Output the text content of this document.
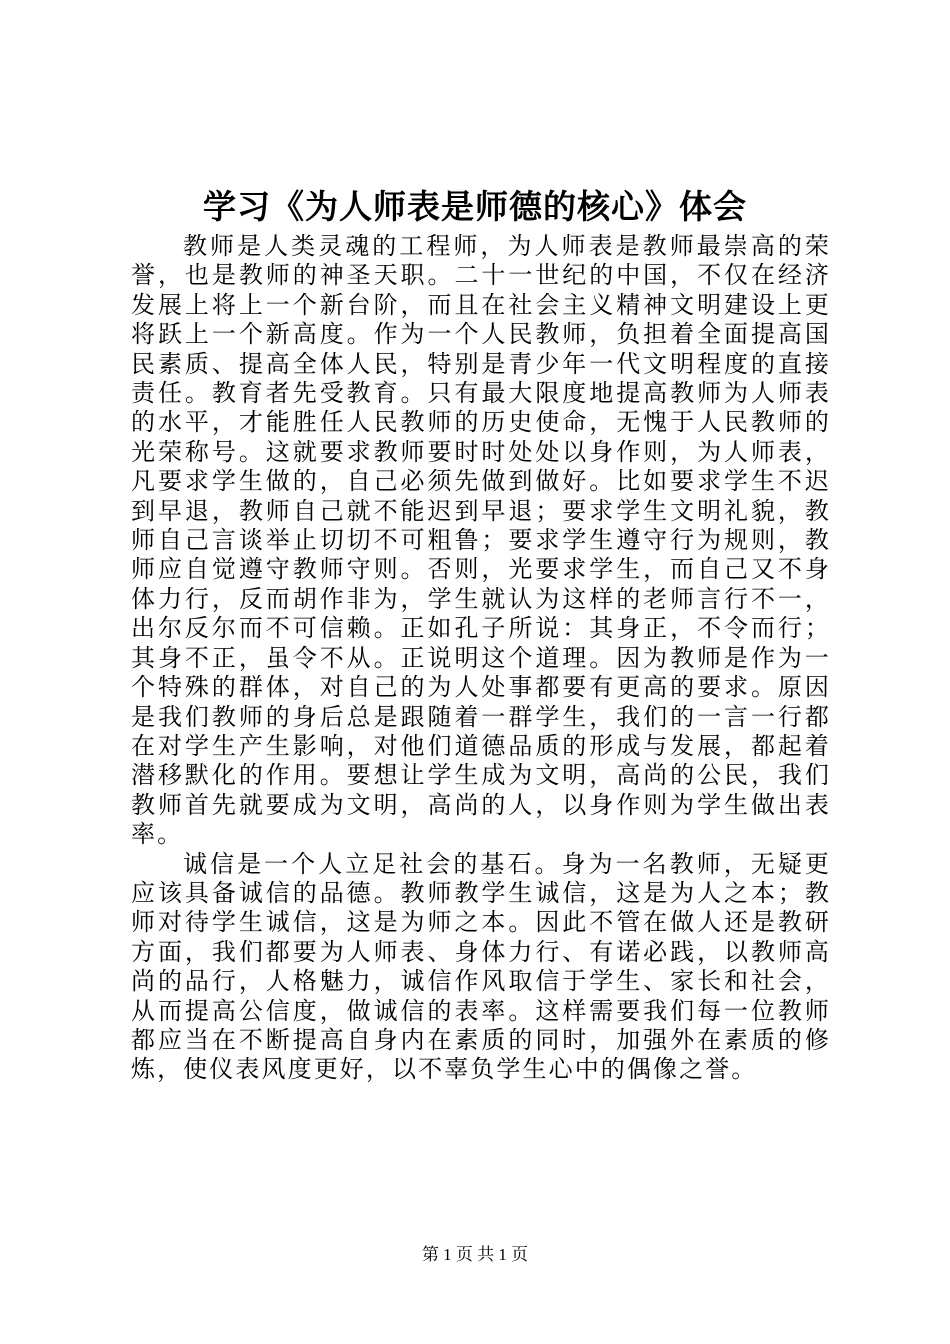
学习《为人师表是师德的核心》体会

教师是人类灵魂的工程师，为人师表是教师最崇高的荣誉，也是教师的神圣天职。二十一世纪的中国，不仅在经济发展上将上一个新台阶，而且在社会主义精神文明建设上更将跃上一个新高度。作为一个人民教师，负担着全面提高国民素质、提高全体人民，特别是青少年一代文明程度的直接责任。教育者先受教育。只有最大限度地提高教师为人师表的水平，才能胜任人民教师的历史使命，无愧于人民教师的光荣称号。这就要求教师要时时处处以身作则，为人师表，凡要求学生做的，自己必须先做到做好。比如要求学生不迟到早退，教师自己就不能迟到早退；要求学生文明礼貌，教师自己言谈举止切切不可粗鲁；要求学生遵守行为规则，教师应自觉遵守教师守则。否则，光要求学生，而自己又不身体力行，反而胡作非为，学生就认为这样的老师言行不一，出尔反尔而不可信赖。正如孔子所说：其身正，不令而行；其身不正，虽令不从。正说明这个道理。因为教师是作为一个特殊的群体，对自己的为人处事都要有更高的要求。原因是我们教师的身后总是跟随着一群学生，我们的一言一行都在对学生产生影响，对他们道德品质的形成与发展，都起着潜移默化的作用。要想让学生成为文明，高尚的公民，我们教师首先就要成为文明，高尚的人，以身作则为学生做出表率。

诚信是一个人立足社会的基石。身为一名教师，无疑更应该具备诚信的品德。教师教学生诚信，这是为人之本；教师对待学生诚信，这是为师之本。因此不管在做人还是教研方面，我们都要为人师表、身体力行、有诺必践，以教师高尚的品行，人格魅力，诚信作风取信于学生、家长和社会，从而提高公信度，做诚信的表率。这样需要我们每一位教师都应当在不断提高自身内在素质的同时，加强外在素质的修炼，使仪表风度更好，以不辜负学生心中的偶像之誉。

第 1 页 共 1 页
